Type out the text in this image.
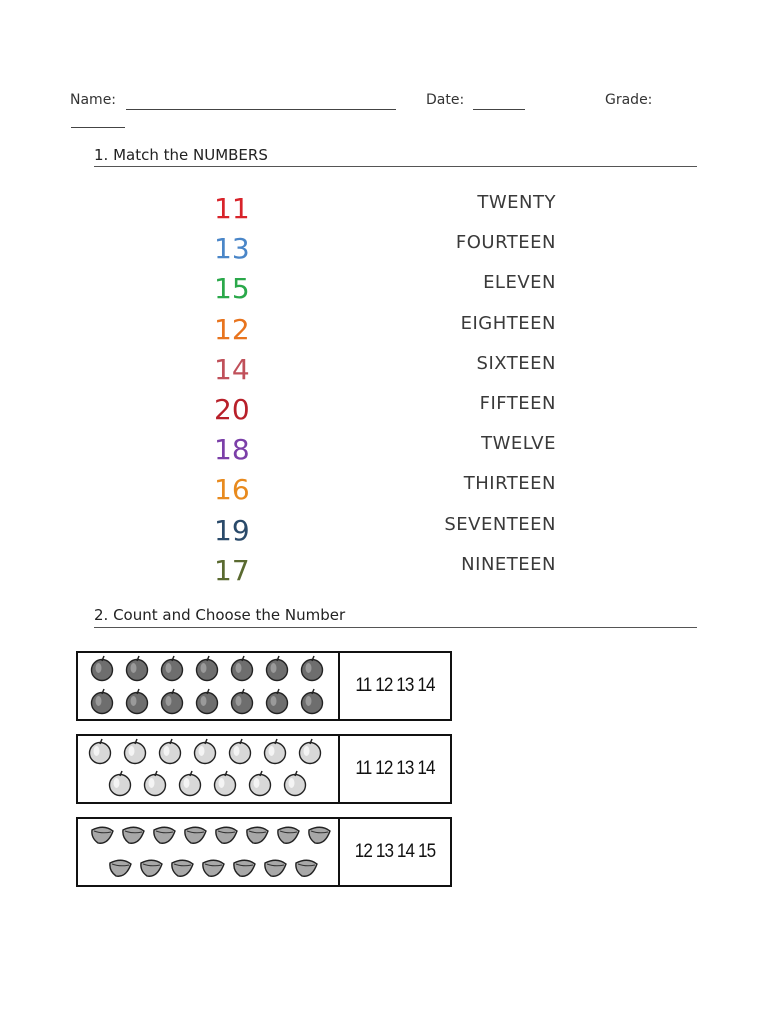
Name:	Date:	Grade:
1. Match the NUMBERS
11
13
15
12
14
20
18
16
19
17
TWENTY
FOURTEEN
ELEVEN
EIGHTEEN
SIXTEEN
FIFTEEN
TWELVE
THIRTEEN
SEVENTEEN
NINETEEN
2. Count and Choose the Number
11 12 13 14
11 12 13 14
12 13 14 15
